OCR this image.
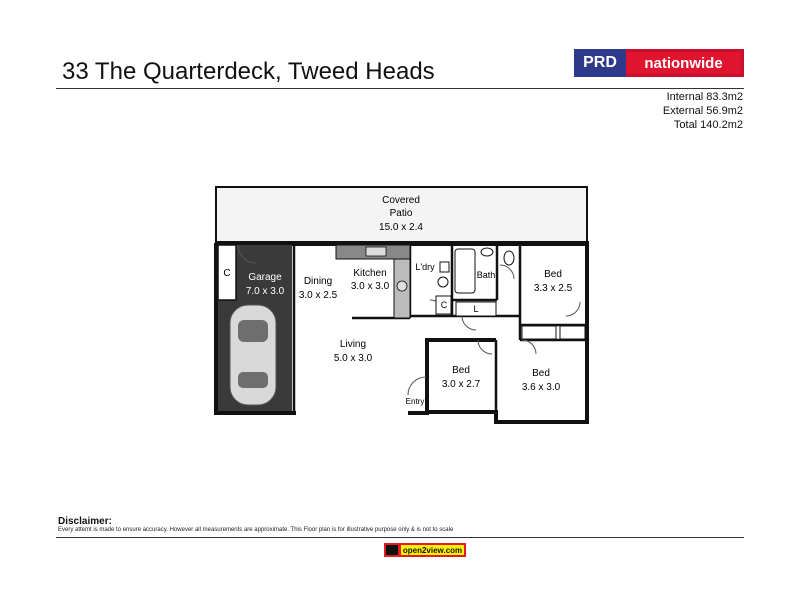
33 The Quarterdeck, Tweed Heads	PRD	nationwide
Internal 83.3m2
External 56.9m2
Total 140.2m2
Covered
Patio
15.0 x 2.4
C Garage
7.0 x 3.0
Dining
3.0 x 2.5
Kitchen
3.0 x 3.0
Living
5.0 x 3.0
L'dry
C	L
Bath	Bed
3.3 x 2.5
Bed
3.0 x 2.7
Bed
3.6 x 3.0
Entry
Disclaimer:
Every attemt is made to ensure accuracy. However all measurements are approximate. This Floor plan is for illustrative purpose only & is not to scale
open2view.com
